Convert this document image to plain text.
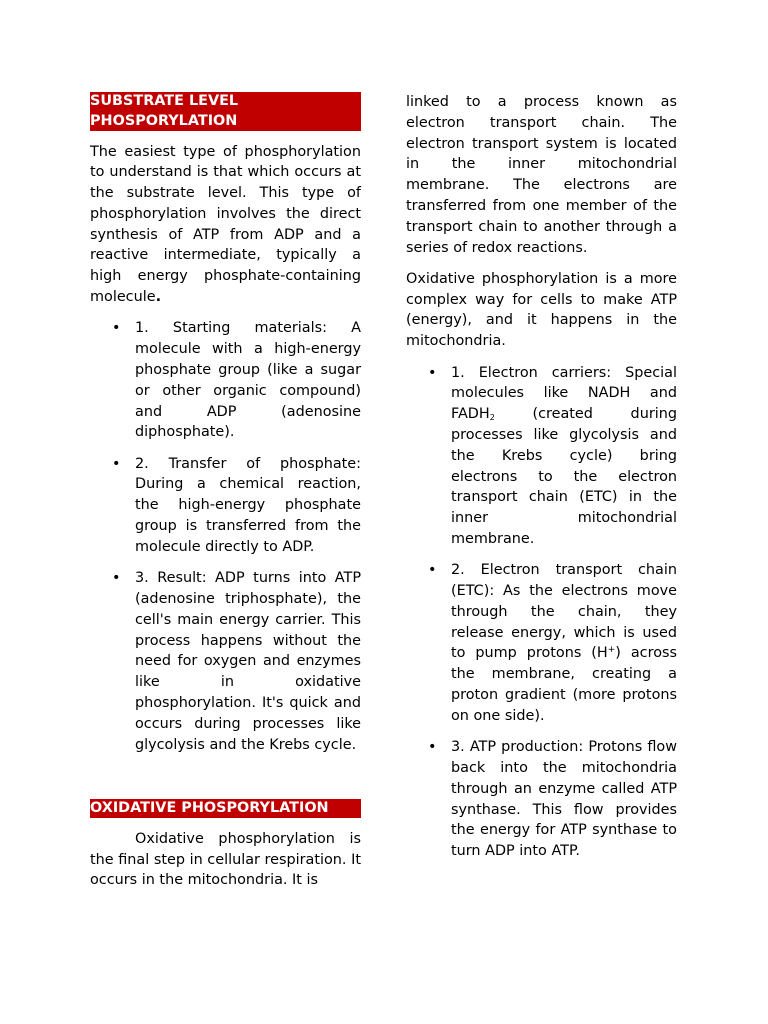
SUBSTRATE LEVEL PHOSPORYLATION

The easiest type of phosphorylation to understand is that which occurs at the substrate level. This type of phosphorylation involves the direct synthesis of ATP from ADP and a reactive intermediate, typically a high energy phosphate-containing molecule.

• 1. Starting materials: A molecule with a high-energy phosphate group (like a sugar or other organic compound) and ADP (adenosine diphosphate).
• 2. Transfer of phosphate: During a chemical reaction, the high-energy phosphate group is transferred from the molecule directly to ADP.
• 3. Result: ADP turns into ATP (adenosine triphosphate), the cell's main energy carrier. This process happens without the need for oxygen and enzymes like in oxidative phosphorylation. It's quick and occurs during processes like glycolysis and the Krebs cycle.
OXIDATIVE PHOSPORYLATION

Oxidative phosphorylation is the final step in cellular respiration. It occurs in the mitochondria. It is

linked to a process known as electron transport chain. The electron transport system is located in the inner mitochondrial membrane. The electrons are transferred from one member of the transport chain to another through a series of redox reactions.

Oxidative phosphorylation is a more complex way for cells to make ATP (energy), and it happens in the mitochondria.

• 1. Electron carriers: Special molecules like NADH and $FADH_2$ (created during processes like glycolysis and the Krebs cycle) bring electrons to the electron transport chain (ETC) in the inner mitochondrial membrane.
• 2. Electron transport chain (ETC): As the electrons move through the chain, they release energy, which is used to pump protons (H+) across the membrane, creating a proton gradient (more protons on one side).
• 3. ATP production: Protons flow back into the mitochondria through an enzyme called ATP synthase. This flow provides the energy for ATP synthase to turn ADP into ATP.
